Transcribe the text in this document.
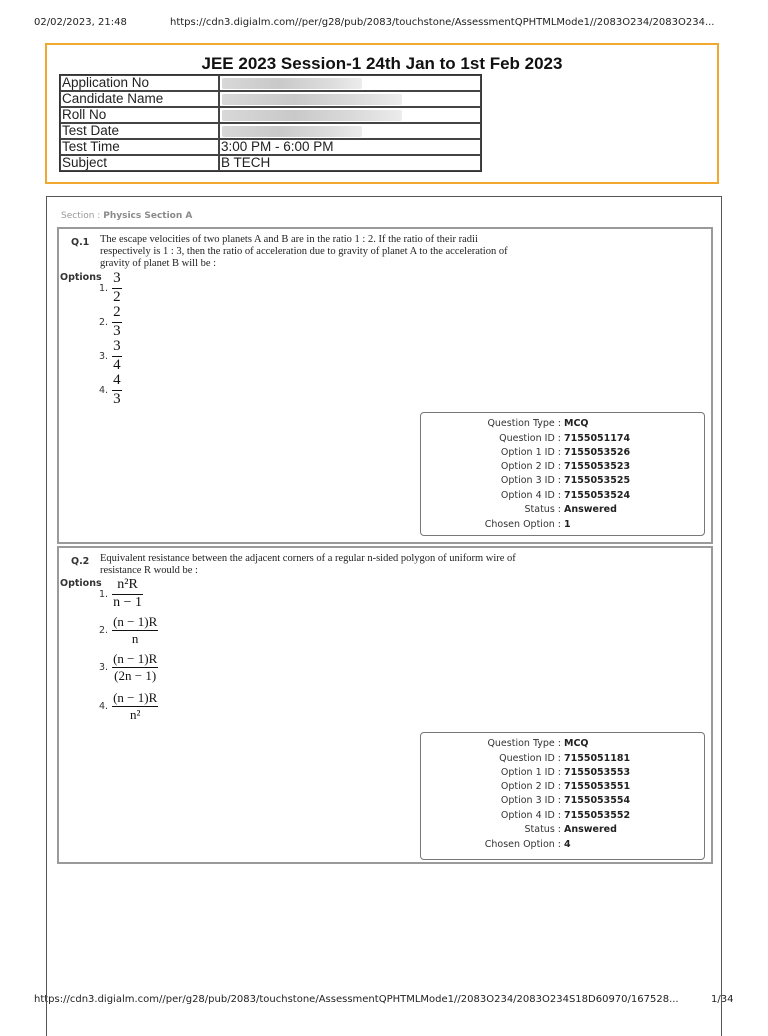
02/02/2023, 21:48	https://cdn3.digialm.com//per/g28/pub/2083/touchstone/AssessmentQPHTMLMode1//2083O234/2083O234...
https://cdn3.digialm.com//per/g28/pub/2083/touchstone/AssessmentQPHTMLMode1//2083O234/2083O234S18D60970/167528...	1/34
JEE 2023 Session-1 24th Jan to 1st Feb 2023
Application No	

Candidate Name	

Roll No	

Test Date	

Test Time	3:00 PM - 6:00 PM
Subject	B TECH
Section : Physics Section A
Q.1 The escape velocities of two planets A and B are in the ratio 1 : 2. If the ratio of their radii respectively is 1 : 3, then the ratio of acceleration due to gravity of planet A to the acceleration of gravity of planet B will be :
Options
1. $\frac{3}{2}$
2. $\frac{2}{3}$
3. $\frac{3}{4}$
4. $\frac{4}{3}$
Question Type : MCQ
Question ID : 7155051174
Option 1 ID : 7155053526
Option 2 ID : 7155053523
Option 3 ID : 7155053525
Option 4 ID : 7155053524
Status : Answered
Chosen Option : 1
Q.2 Equivalent resistance between the adjacent corners of a regular n-sided polygon of uniform wire of resistance R would be :
Options
1. $\frac{\text{n²R}}{n - 1}$
2. $\frac{(n - 1)R}{n}$
3. $\frac{(n - 1)R}{(2n - 1)}$
4. $\frac{(n - 1)R}{\text{n²}}$
Question Type : MCQ
Question ID : 7155051181
Option 1 ID : 7155053553
Option 2 ID : 7155053551
Option 3 ID : 7155053554
Option 4 ID : 7155053552
Status : Answered
Chosen Option : 4
